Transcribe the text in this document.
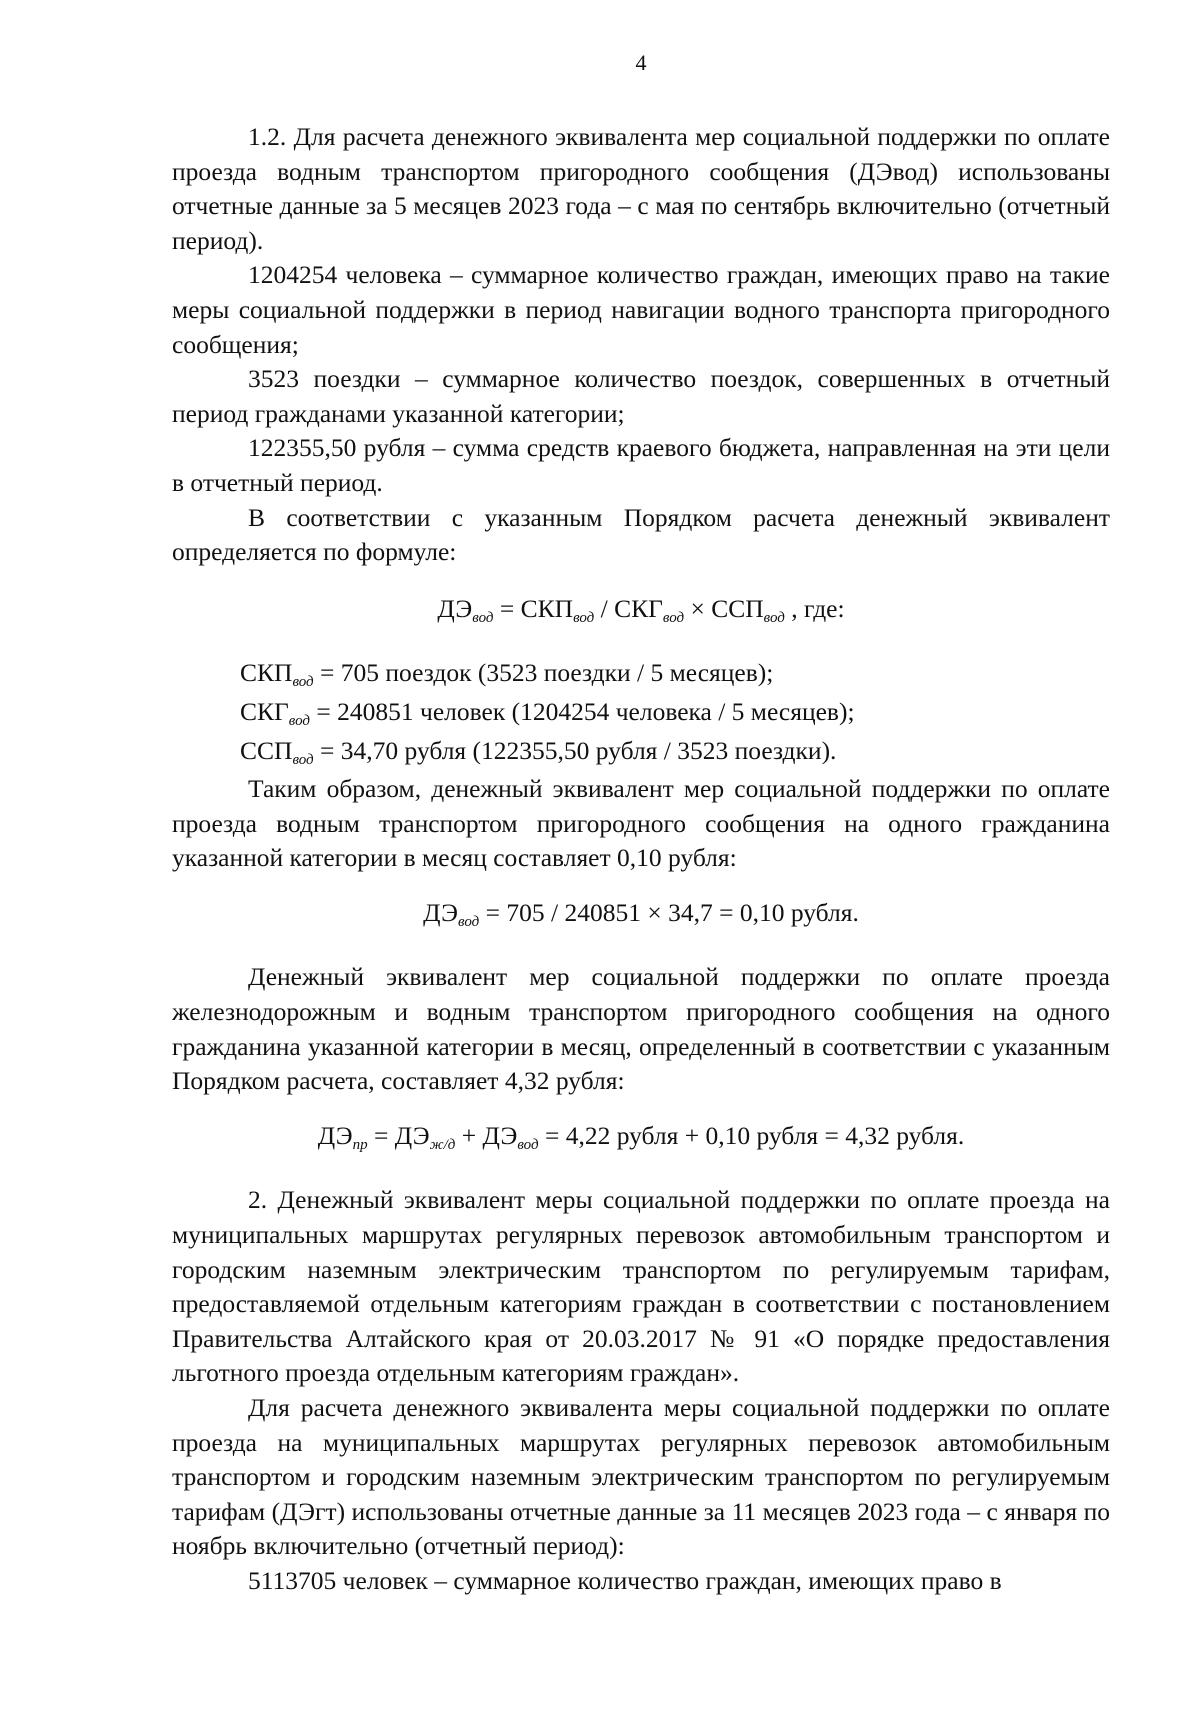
4

1.2. Для расчета денежного эквивалента мер социальной поддержки по оплате проезда водным транспортом пригородного сообщения (ДЭвод) использованы отчетные данные за 5 месяцев 2023 года – с мая по сентябрь включительно (отчетный период).

1204254 человека – суммарное количество граждан, имеющих право на такие меры социальной поддержки в период навигации водного транспорта пригородного сообщения;

3523 поездки – суммарное количество поездок, совершенных в отчетный период гражданами указанной категории;

122355,50 рубля – сумма средств краевого бюджета, направленная на эти цели в отчетный период.

В соответствии с указанным Порядком расчета денежный эквивалент определяется по формуле:

ДЭвод = СКПвод / СКГвод × ССПвод , где:

СКПвод = 705 поездок (3523 поездки / 5 месяцев);

СКГвод = 240851 человек (1204254 человека / 5 месяцев);

ССПвод = 34,70 рубля (122355,50 рубля / 3523 поездки).

Таким образом, денежный эквивалент мер социальной поддержки по оплате проезда водным транспортом пригородного сообщения на одного гражданина указанной категории в месяц составляет 0,10 рубля:

ДЭвод = 705 / 240851 × 34,7 = 0,10 рубля.

Денежный эквивалент мер социальной поддержки по оплате проезда железнодорожным и водным транспортом пригородного сообщения на одного гражданина указанной категории в месяц, определенный в соответствии с указанным Порядком расчета, составляет 4,32 рубля:

ДЭпр = ДЭж/д + ДЭвод = 4,22 рубля + 0,10 рубля = 4,32 рубля.

2. Денежный эквивалент меры социальной поддержки по оплате проезда на муниципальных маршрутах регулярных перевозок автомобильным транспортом и городским наземным электрическим транспортом по регулируемым тарифам, предоставляемой отдельным категориям граждан в соответствии с постановлением Правительства Алтайского края от 20.03.2017 № 91 «О порядке предоставления льготного проезда отдельным категориям граждан».

Для расчета денежного эквивалента меры социальной поддержки по оплате проезда на муниципальных маршрутах регулярных перевозок автомобильным транспортом и городским наземным электрическим транспортом по регулируемым тарифам (ДЭгт) использованы отчетные данные за 11 месяцев 2023 года – с января по ноябрь включительно (отчетный период):

5113705 человек – суммарное количество граждан, имеющих право в
